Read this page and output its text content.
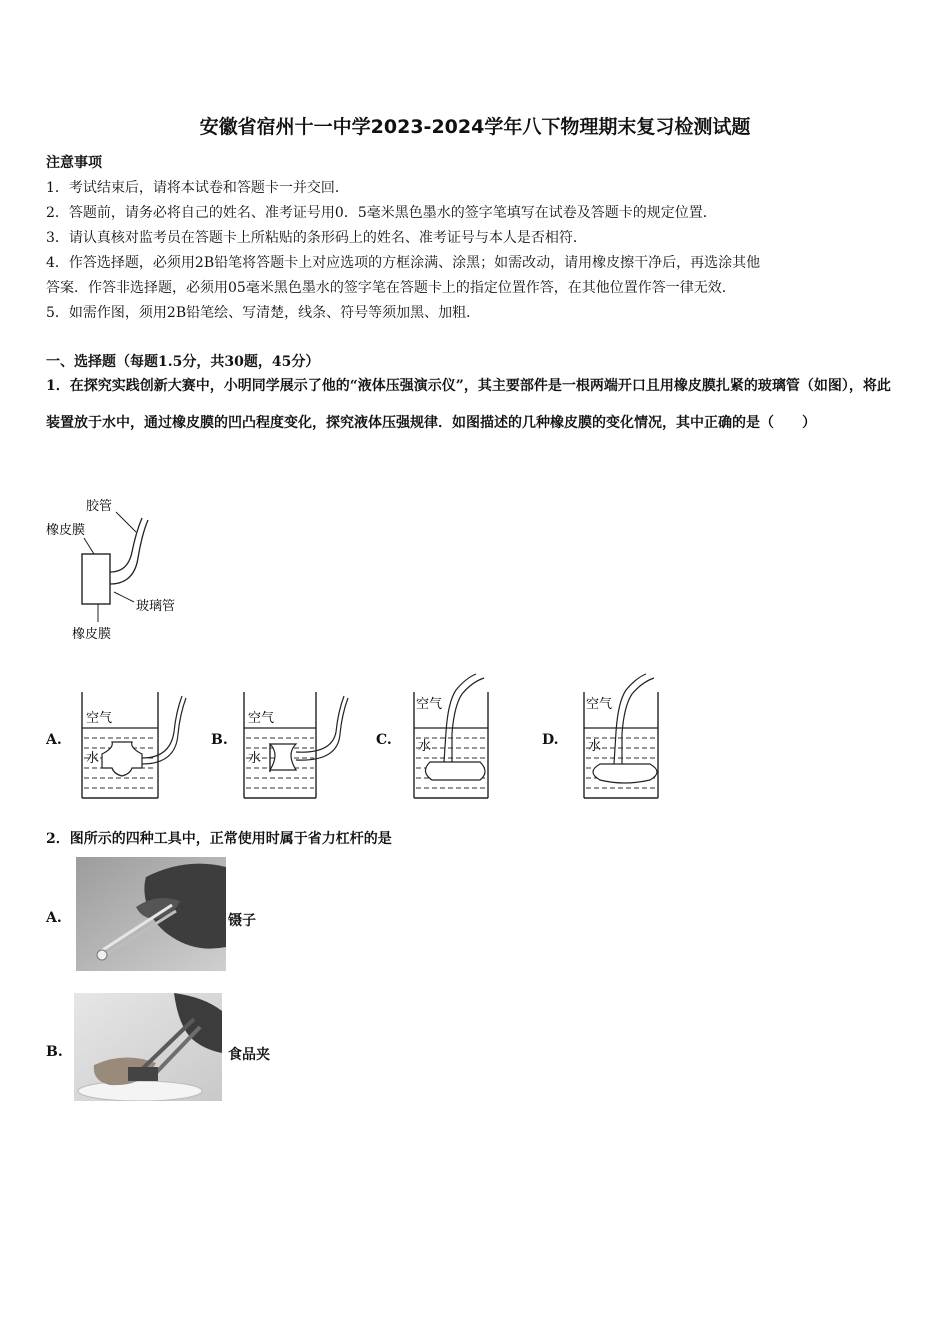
安徽省宿州十一中学2023-2024学年八下物理期末复习检测试题
注意事项
1．考试结束后，请将本试卷和答题卡一并交回．
2．答题前，请务必将自己的姓名、准考证号用0．5毫米黑色墨水的签字笔填写在试卷及答题卡的规定位置．
3．请认真核对监考员在答题卡上所粘贴的条形码上的姓名、准考证号与本人是否相符．
4．作答选择题，必须用2B铅笔将答题卡上对应选项的方框涂满、涂黑；如需改动，请用橡皮擦干净后，再选涂其他
答案．作答非选择题，必须用05毫米黑色墨水的签字笔在答题卡上的指定位置作答，在其他位置作答一律无效．
5．如需作图，须用2B铅笔绘、写清楚，线条、符号等须加黑、加粗．
一、选择题（每题1.5分，共30题，45分）
1．在探究实践创新大赛中，小明同学展示了他的“液体压强演示仪”，其主要部件是一根两端开口且用橡皮膜扎紧的玻璃管（如图），将此装置放于水中，通过橡皮膜的凹凸程度变化，探究液体压强规律．如图描述的几种橡皮膜的变化情况，其中正确的是（　　）
胶管
橡皮膜
玻璃管
橡皮膜
A.
空气
水
B.
空气
水
C.
空气
水	D.
空气
水
2．图所示的四种工具中，正常使用时属于省力杠杆的是
A.	镊子
B.	食品夹
